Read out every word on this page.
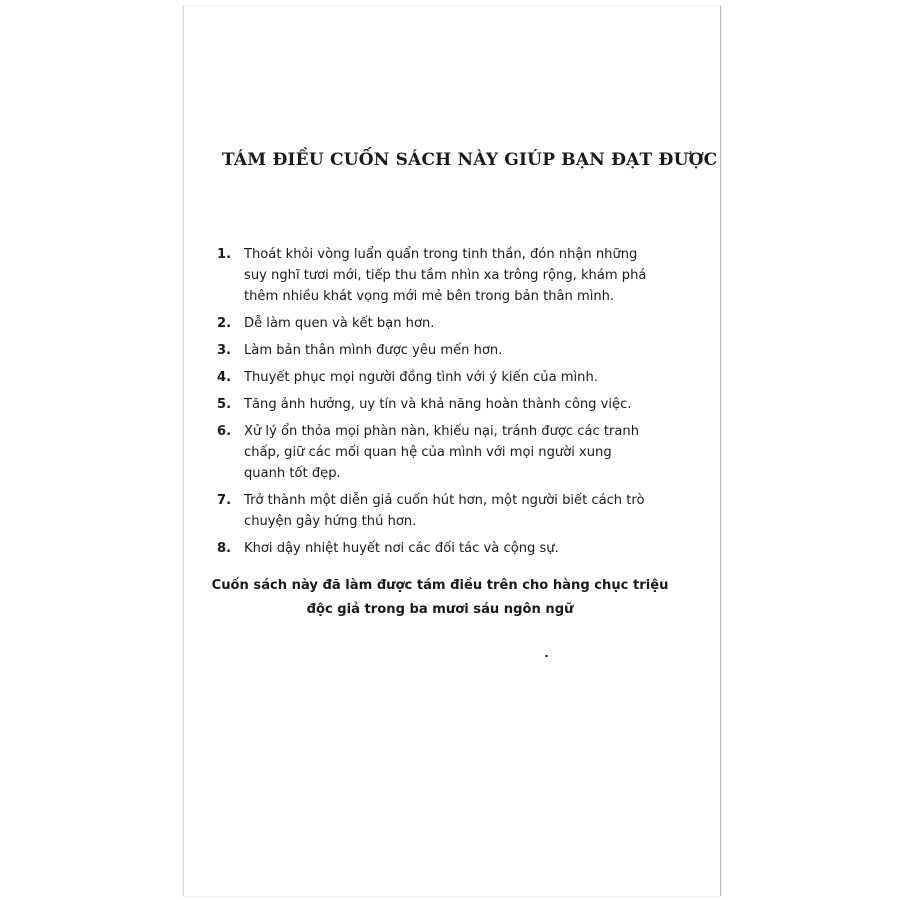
TÁM ĐIỀU CUỐN SÁCH NÀY GIÚP BẠN ĐẠT ĐƯỢC
1. Thoát khỏi vòng luẩn quẩn trong tinh thần, đón nhận những suy nghĩ tươi mới, tiếp thu tầm nhìn xa trông rộng, khám phá thêm nhiều khát vọng mới mẻ bên trong bản thân mình.
2. Dễ làm quen và kết bạn hơn.
3. Làm bản thân mình được yêu mến hơn.
4. Thuyết phục mọi người đồng tình với ý kiến của mình.
5. Tăng ảnh hưởng, uy tín và khả năng hoàn thành công việc.
6. Xử lý ổn thỏa mọi phàn nàn, khiếu nại, tránh được các tranh chấp, giữ các mối quan hệ của mình với mọi người xung quanh tốt đẹp.
7. Trở thành một diễn giả cuốn hút hơn, một người biết cách trò chuyện gây hứng thú hơn.
8. Khơi dậy nhiệt huyết nơi các đối tác và cộng sự.
Cuốn sách này đã làm được tám điều trên cho hàng chục triệu
độc giả trong ba mươi sáu ngôn ngữ
